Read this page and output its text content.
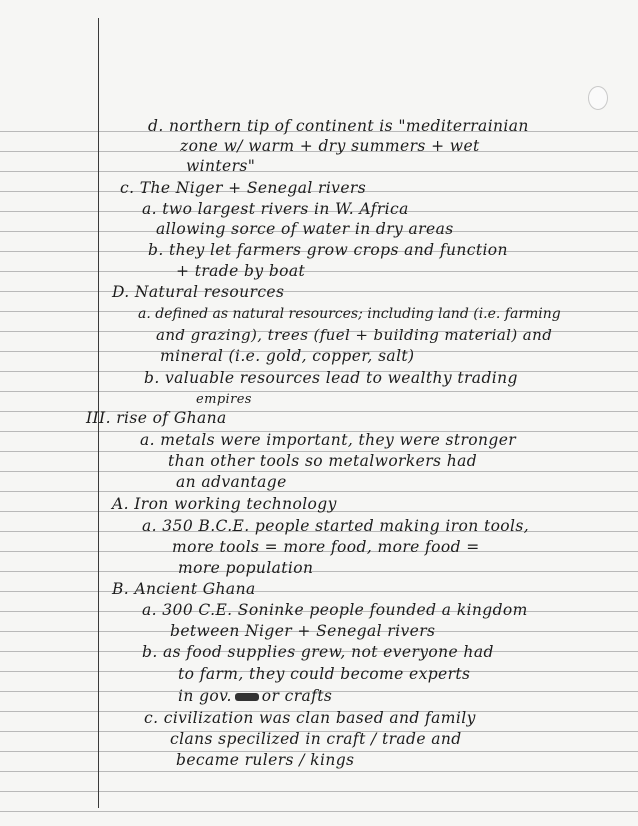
d. northern tip of continent is "mediterrainian
zone w/ warm + dry summers + wet
winters"
c. The Niger + Senegal rivers
a. two largest rivers in W. Africa
allowing sorce of water in dry areas
b. they let farmers grow crops and function
+ trade by boat
D. Natural resources
a. defined as natural resources; including land (i.e. farming
and grazing), trees (fuel + building material) and
mineral (i.e. gold, copper, salt)
b. valuable resources lead to wealthy trading
empires
III. rise of Ghana
a. metals were important, they were stronger
than other tools so metalworkers had
an advantage
A. Iron working technology
a. 350 B.C.E. people started making iron tools,
more tools = more food, more food =
more population
B. Ancient Ghana
a. 300 C.E. Soninke people founded a kingdom
between Niger + Senegal rivers
b. as food supplies grew, not everyone had
to farm, they could become experts
in gov. or crafts
c. civilization was clan based and family
clans specilized in craft / trade and
became rulers / kings
